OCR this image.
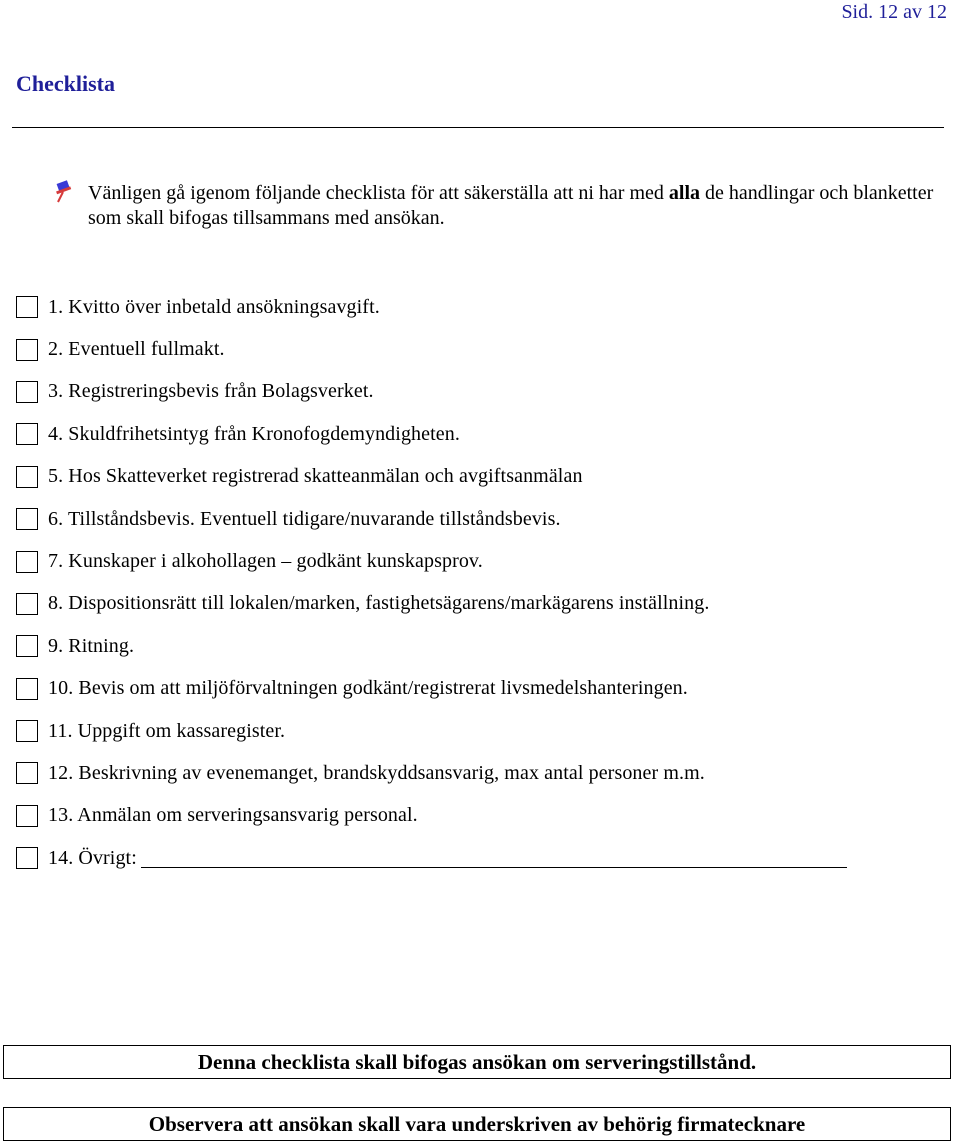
Sid. 12 av 12
Checklista
Vänligen gå igenom följande checklista för att säkerställa att ni har med alla de handlingar och blanketter som skall bifogas tillsammans med ansökan.
1. Kvitto över inbetald ansökningsavgift.
2. Eventuell fullmakt.
3. Registreringsbevis från Bolagsverket.
4. Skuldfrihetsintyg från Kronofogdemyndigheten.
5. Hos Skatteverket registrerad skatteanmälan och avgiftsanmälan
6. Tillståndsbevis. Eventuell tidigare/nuvarande tillståndsbevis.
7. Kunskaper i alkohollagen – godkänt kunskapsprov.
8. Dispositionsrätt till lokalen/marken, fastighetsägarens/markägarens inställning.
9. Ritning.
10. Bevis om att miljöförvaltningen godkänt/registrerat livsmedelshanteringen.
11. Uppgift om kassaregister.
12. Beskrivning av evenemanget, brandskyddsansvarig, max antal personer m.m.
13. Anmälan om serveringsansvarig personal.
14. Övrigt:
Denna checklista skall bifogas ansökan om serveringstillstånd.
Observera att ansökan skall vara underskriven av behörig firmatecknare
